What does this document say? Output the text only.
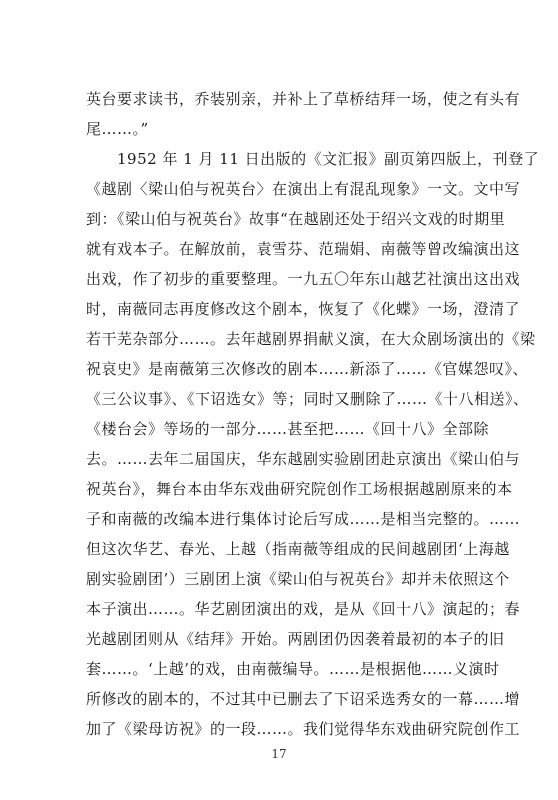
英台要求读书，乔装别亲，并补上了草桥结拜一场，使之有头有
尾……。”
　　1952 年 1 月 11 日出版的《文汇报》副页第四版上，刊登了
《越剧〈梁山伯与祝英台〉在演出上有混乱现象》一文。文中写
到：《梁山伯与祝英台》故事“在越剧还处于绍兴文戏的时期里
就有戏本子。在解放前，袁雪芬、范瑞娟、南薇等曾改编演出这
出戏，作了初步的重要整理。一九五〇年东山越艺社演出这出戏
时，南薇同志再度修改这个剧本，恢复了《化蝶》一场，澄清了
若干芜杂部分……。去年越剧界捐献义演，在大众剧场演出的《梁
祝哀史》是南薇第三次修改的剧本……新添了……《官媒怨叹》、
《三公议事》、《下诏选女》等；同时又删除了……《十八相送》、
《楼台会》等场的一部分……甚至把……《回十八》全部除
去。……去年二届国庆，华东越剧实验剧团赴京演出《梁山伯与
祝英台》，舞台本由华东戏曲研究院创作工场根据越剧原来的本
子和南薇的改编本进行集体讨论后写成……是相当完整的。……
但这次华艺、春光、上越（指南薇等组成的民间越剧团‘上海越
剧实验剧团’）三剧团上演《梁山伯与祝英台》却并未依照这个
本子演出……。华艺剧团演出的戏，是从《回十八》演起的；春
光越剧团则从《结拜》开始。两剧团仍因袭着最初的本子的旧
套……。‘上越’的戏，由南薇编导。……是根据他……义演时
所修改的剧本的，不过其中已删去了下诏采选秀女的一幕……增
加了《梁母访祝》的一段……。我们觉得华东戏曲研究院创作工
17
